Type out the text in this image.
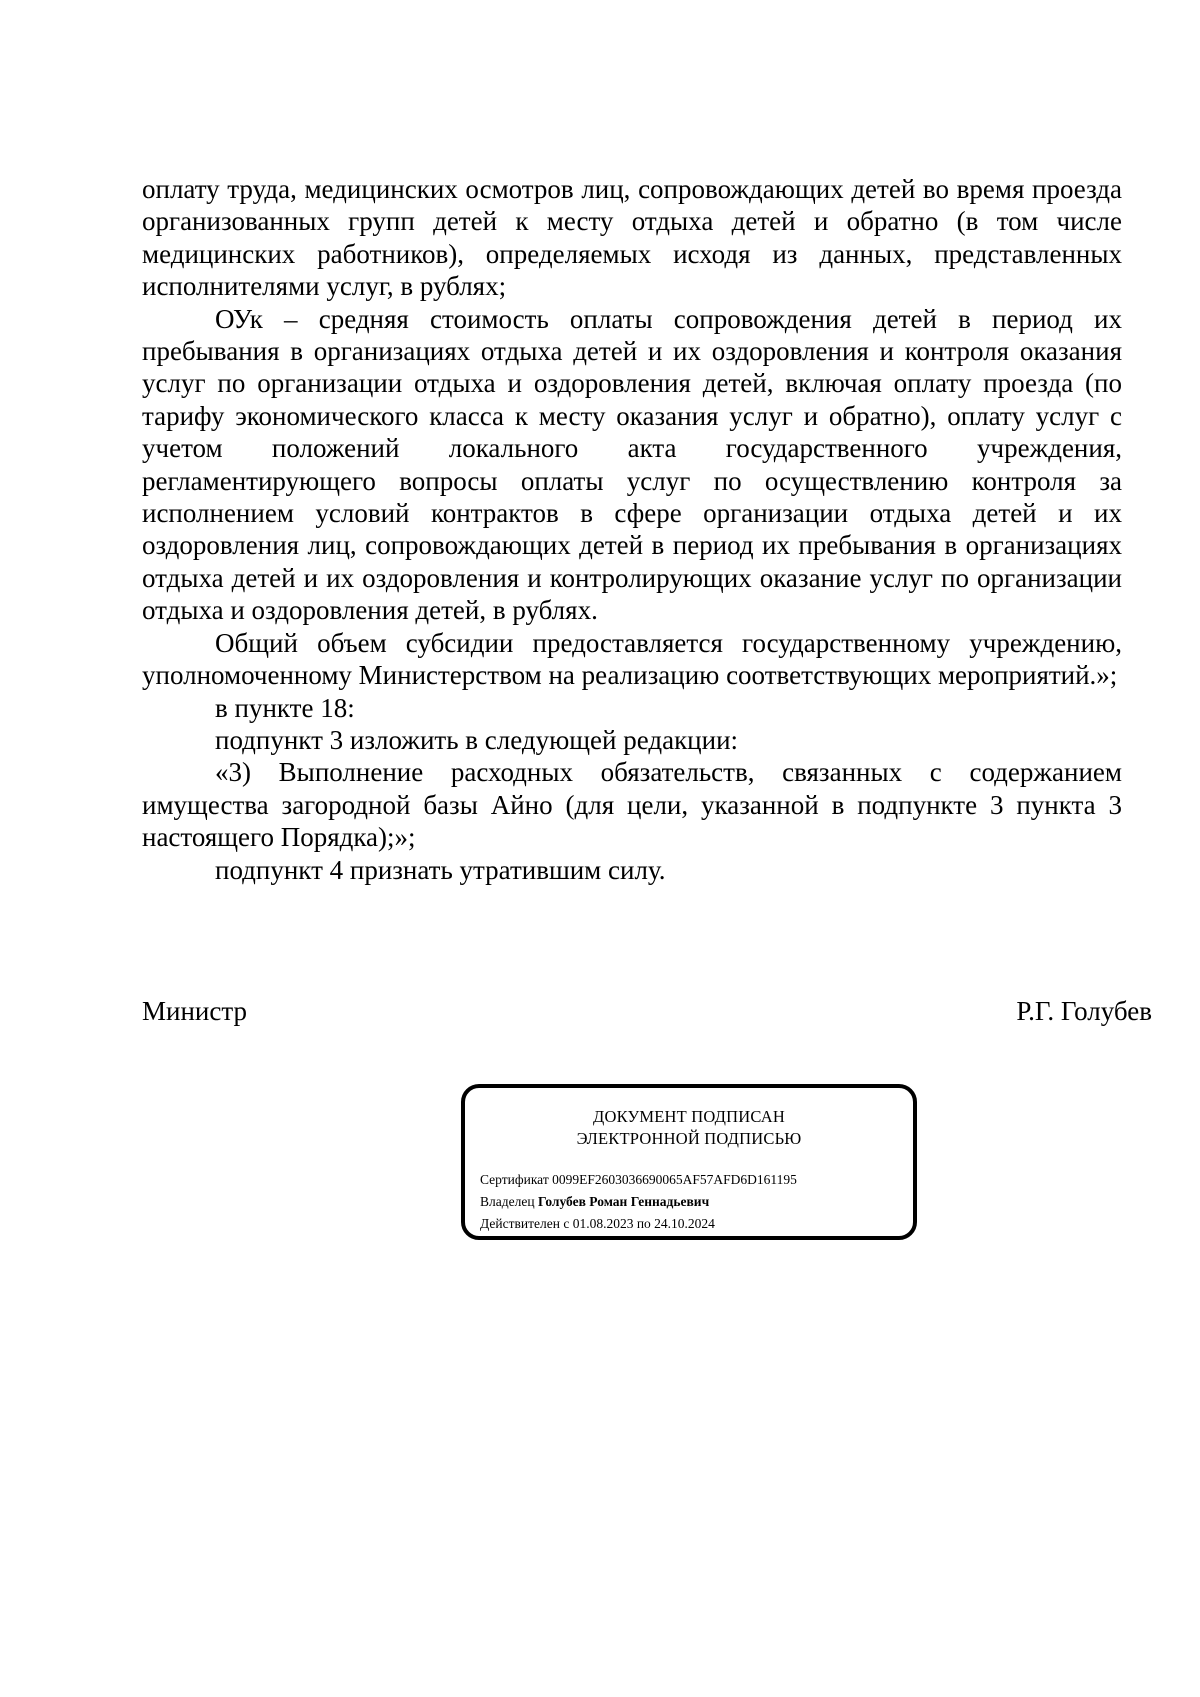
оплату труда, медицинских осмотров лиц, сопровождающих детей во время проезда организованных групп детей к месту отдыха детей и обратно (в том числе медицинских работников), определяемых исходя из данных, представленных исполнителями услуг, в рублях;

ОУк – средняя стоимость оплаты сопровождения детей в период их пребывания в организациях отдыха детей и их оздоровления и контроля оказания услуг по организации отдыха и оздоровления детей, включая оплату проезда (по тарифу экономического класса к месту оказания услуг и обратно), оплату услуг с учетом положений локального акта государственного учреждения, регламентирующего вопросы оплаты услуг по осуществлению контроля за исполнением условий контрактов в сфере организации отдыха детей и их оздоровления лиц, сопровождающих детей в период их пребывания в организациях отдыха детей и их оздоровления и контролирующих оказание услуг по организации отдыха и оздоровления детей, в рублях.

Общий объем субсидии предоставляется государственному учреждению, уполномоченному Министерством на реализацию соответствующих мероприятий.»;

в пункте 18:

подпункт 3 изложить в следующей редакции:

«3) Выполнение расходных обязательств, связанных с содержанием имущества загородной базы Айно (для цели, указанной в подпункте 3 пункта 3 настоящего Порядка);»;

подпункт 4 признать утратившим силу.

Министр	Р.Г. Голубев
ДОКУМЕНТ ПОДПИСАН
ЭЛЕКТРОННОЙ ПОДПИСЬЮ
Сертификат 0099EF2603036690065AF57AFD6D161195
Владелец Голубев Роман Геннадьевич
Действителен с 01.08.2023 по 24.10.2024
